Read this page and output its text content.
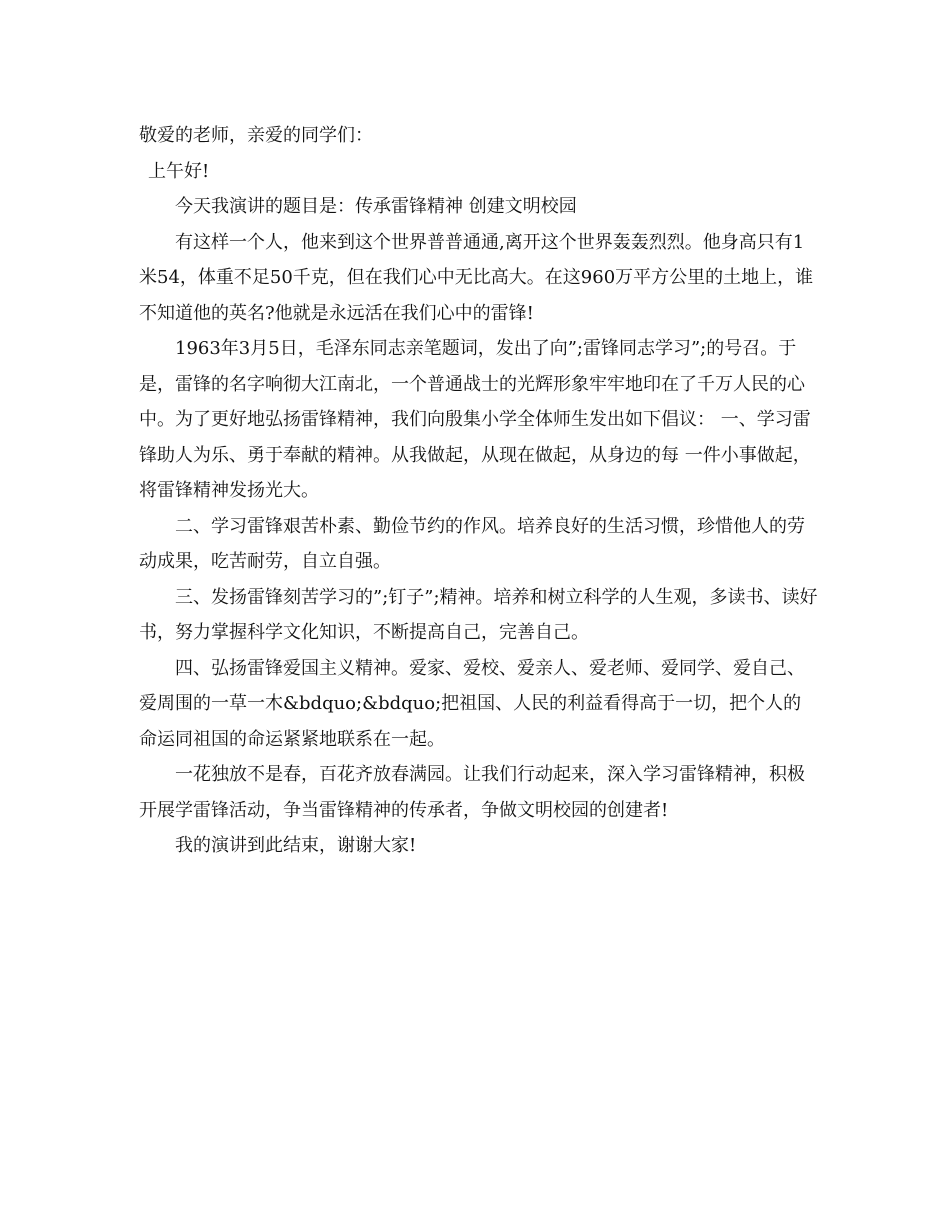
敬爱的老师，亲爱的同学们：

上午好!

今天我演讲的题目是：传承雷锋精神 创建文明校园

有这样一个人，他来到这个世界普普通通,离开这个世界轰轰烈烈。他身高只有1米54，体重不足50千克，但在我们心中无比高大。在这960万平方公里的土地上，谁不知道他的英名?他就是永远活在我们心中的雷锋!

1963年3月5日，毛泽东同志亲笔题词，发出了向”;雷锋同志学习”;的号召。于是，雷锋的名字响彻大江南北，一个普通战士的光辉形象牢牢地印在了千万人民的心中。为了更好地弘扬雷锋精神，我们向殷集小学全体师生发出如下倡议： 一、学习雷锋助人为乐、勇于奉献的精神。从我做起，从现在做起，从身边的每 一件小事做起，将雷锋精神发扬光大。

二、学习雷锋艰苦朴素、勤俭节约的作风。培养良好的生活习惯，珍惜他人的劳动成果，吃苦耐劳，自立自强。

三、发扬雷锋刻苦学习的”;钉子”;精神。培养和树立科学的人生观，多读书、读好书，努力掌握科学文化知识，不断提高自己，完善自己。

四、弘扬雷锋爱国主义精神。爱家、爱校、爱亲人、爱老师、爱同学、爱自己、爱周围的一草一木&bdquo;&bdquo;把祖国、人民的利益看得高于一切，把个人的命运同祖国的命运紧紧地联系在一起。

一花独放不是春，百花齐放春满园。让我们行动起来，深入学习雷锋精神，积极开展学雷锋活动，争当雷锋精神的传承者，争做文明校园的创建者!

我的演讲到此结束，谢谢大家!
